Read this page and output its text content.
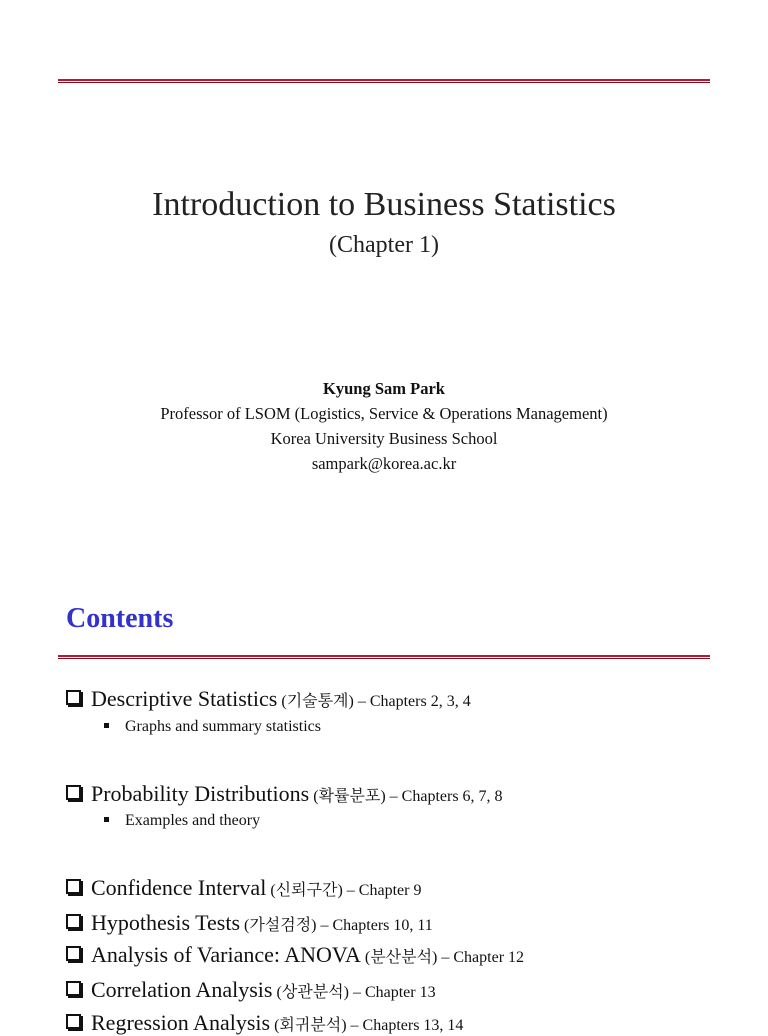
Introduction to Business Statistics
(Chapter 1)
Kyung Sam Park
Professor of LSOM (Logistics, Service & Operations Management)
Korea University Business School
sampark@korea.ac.kr
Contents
Descriptive Statistics (기술통계) – Chapters 2, 3, 4
Graphs and summary statistics
Probability Distributions (확률분포) – Chapters 6, 7, 8
Examples and theory
Confidence Interval (신뢰구간) – Chapter 9
Hypothesis Tests (가설검정) – Chapters 10, 11
Analysis of Variance: ANOVA (분산분석) – Chapter 12
Correlation Analysis (상관분석) – Chapter 13
Regression Analysis (회귀분석) – Chapters 13, 14
